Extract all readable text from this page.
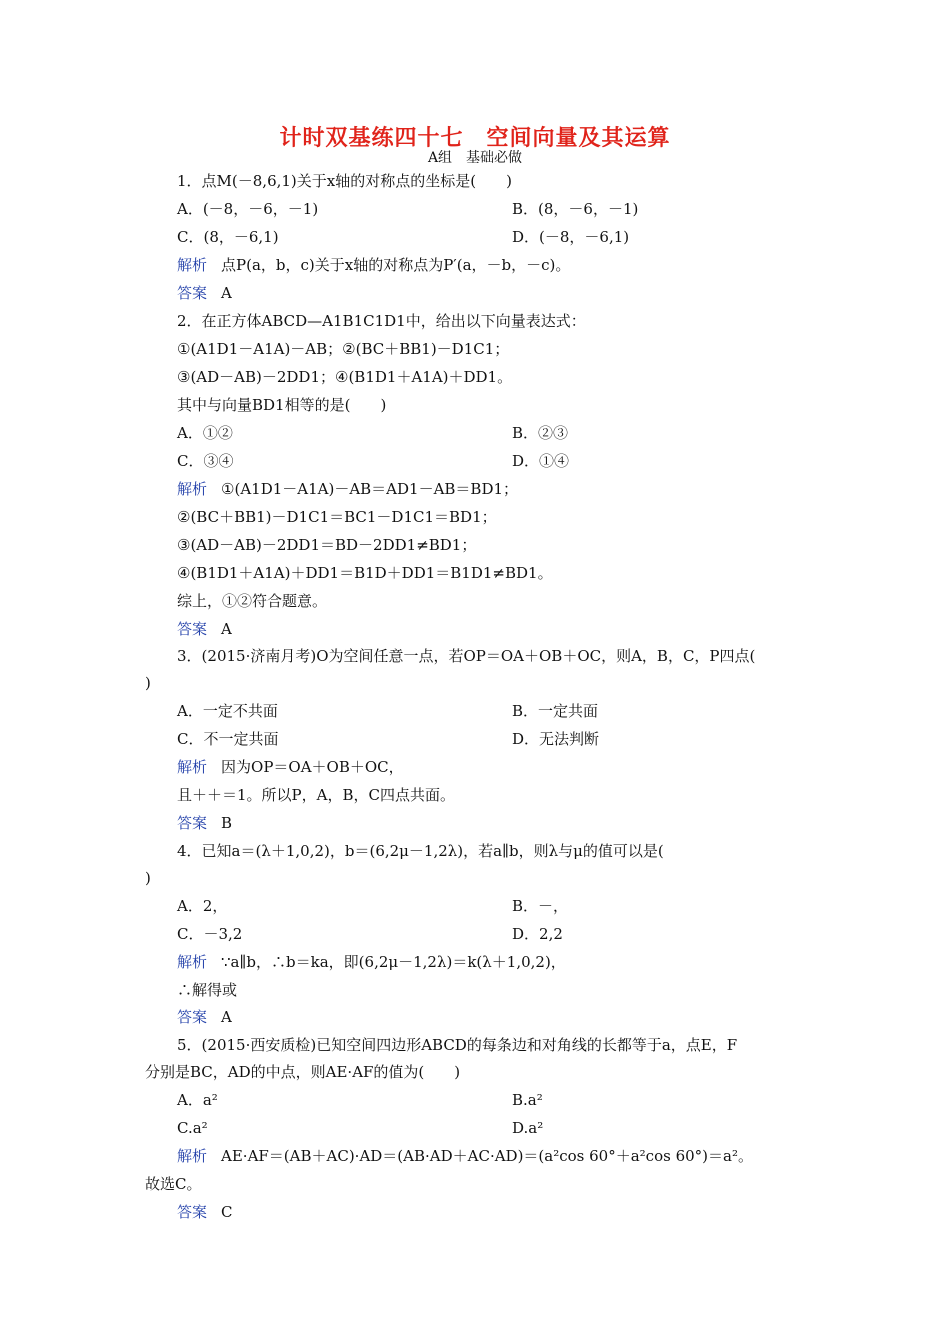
计时双基练四十七　空间向量及其运算
A组　基础必做
1．点M(－8,6,1)关于x轴的对称点的坐标是(　　)
A．(－8，－6，－1)	B．(8，－6，－1)
C．(8，－6,1)	D．(－8，－6,1)
解析 点P(a，b，c)关于x轴的对称点为P′(a，－b，－c)。
答案 A
2．在正方体ABCD—A1B1C1D1中，给出以下向量表达式：
①(A1D1－A1A)－AB；②(BC＋BB1)－D1C1；
③(AD－AB)－2DD1；④(B1D1＋A1A)＋DD1。
其中与向量BD1相等的是(　　)
A．①②	B．②③
C．③④	D．①④
解析 ①(A1D1－A1A)－AB＝AD1－AB＝BD1；
②(BC＋BB1)－D1C1＝BC1－D1C1＝BD1；
③(AD－AB)－2DD1＝BD－2DD1≠BD1；
④(B1D1＋A1A)＋DD1＝B1D＋DD1＝B1D1≠BD1。
综上，①②符合题意。
答案 A
3．(2015·济南月考)O为空间任意一点，若OP＝OA＋OB＋OC，则A，B，C，P四点(
)
A．一定不共面	B．一定共面
C．不一定共面	D．无法判断
解析 因为OP＝OA＋OB＋OC，
且＋＋＝1。所以P，A，B，C四点共面。
答案 B
4．已知a＝(λ＋1,0,2)，b＝(6,2μ－1,2λ)，若a∥b，则λ与μ的值可以是(
)
A．2，	B．－，
C．－3,2	D．2,2
解析 ∵a∥b，∴b＝ka，即(6,2μ－1,2λ)＝k(λ＋1,0,2)，
∴解得或
答案 A
5．(2015·西安质检)已知空间四边形ABCD的每条边和对角线的长都等于a，点E，F
分别是BC，AD的中点，则AE·AF的值为(　　)
A．a²	B.a²
C.a²	D.a²
解析 AE·AF＝(AB＋AC)·AD＝(AB·AD＋AC·AD)＝(a²cos 60°＋a²cos 60°)＝a²。
故选C。
答案 C
